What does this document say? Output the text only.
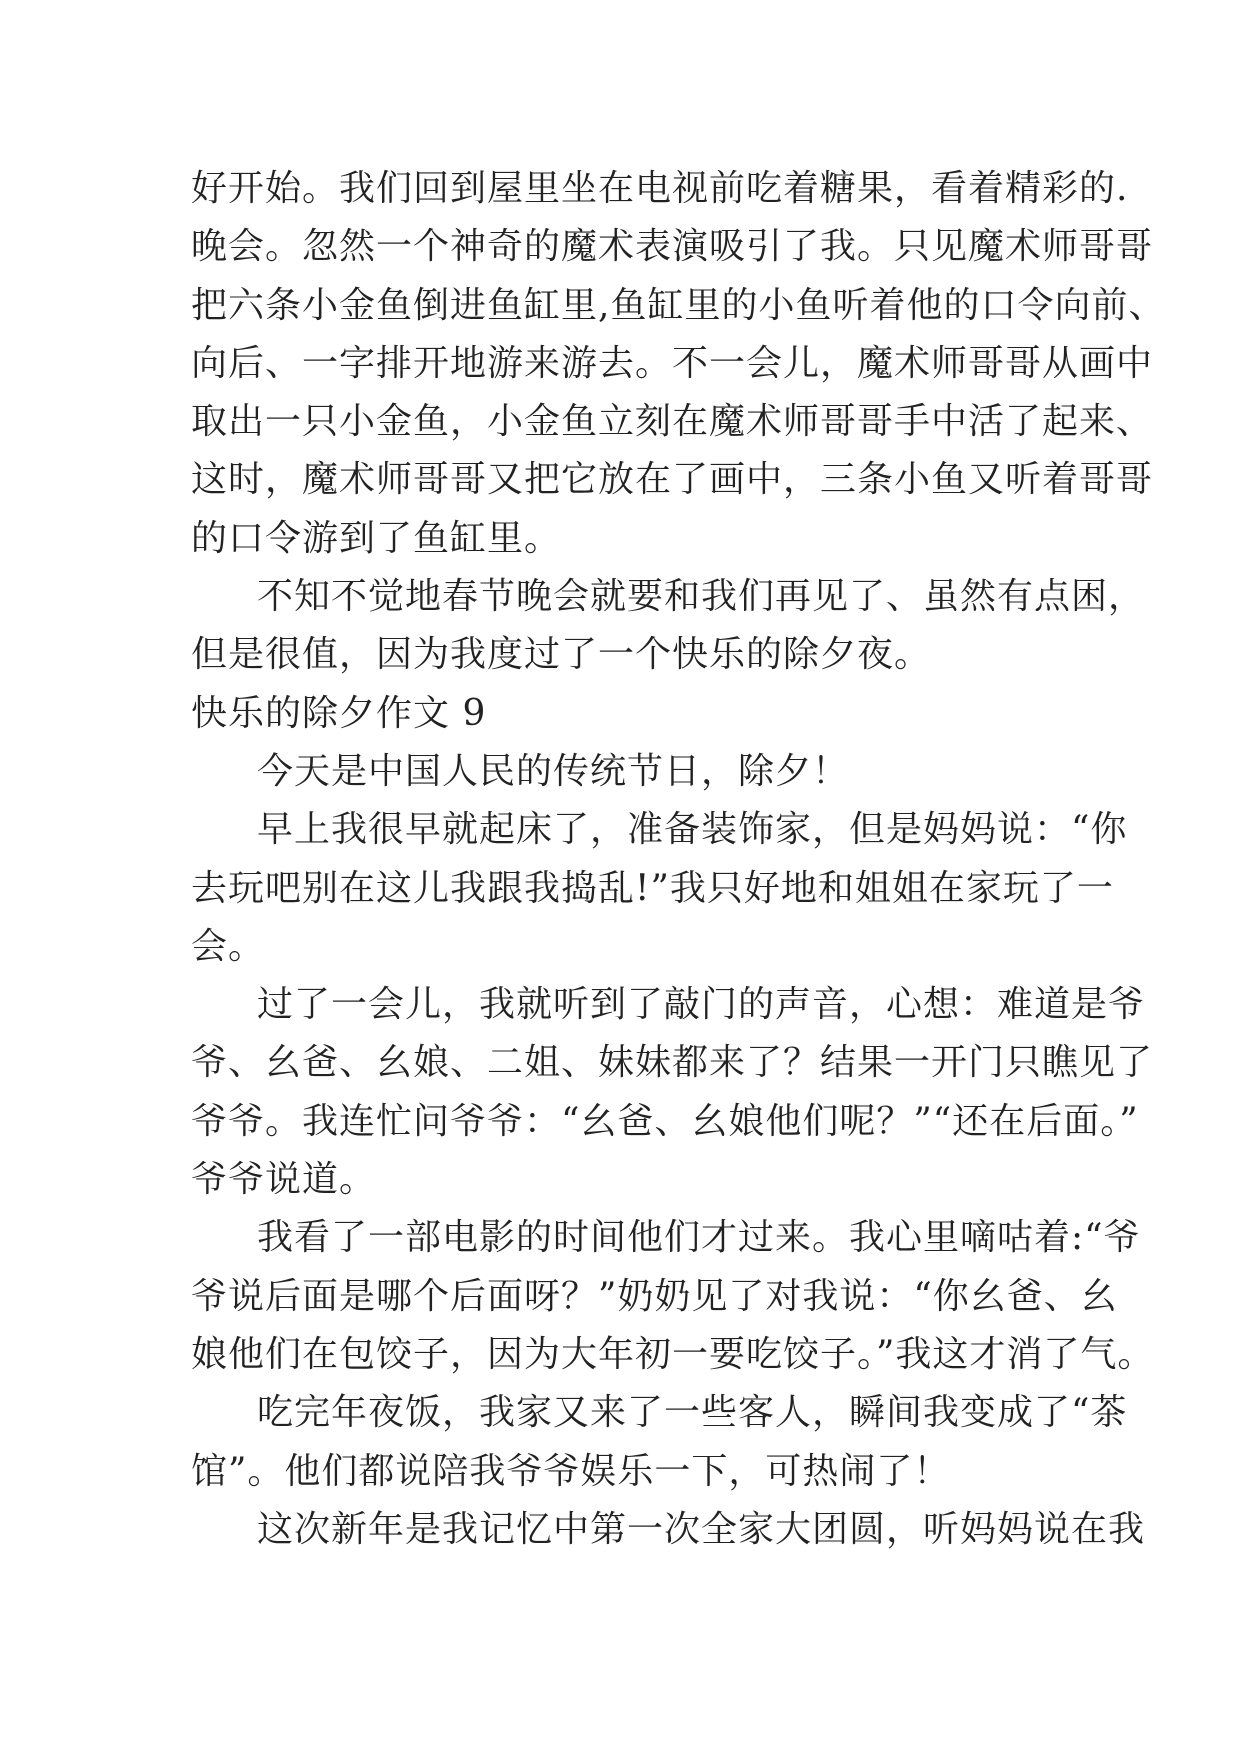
好开始。我们回到屋里坐在电视前吃着糖果，看着精彩的.
晚会。忽然一个神奇的魔术表演吸引了我。只见魔术师哥哥
把六条小金鱼倒进鱼缸里,鱼缸里的小鱼听着他的口令向前、
向后、一字排开地游来游去。不一会儿，魔术师哥哥从画中
取出一只小金鱼，小金鱼立刻在魔术师哥哥手中活了起来、
这时，魔术师哥哥又把它放在了画中，三条小鱼又听着哥哥
的口令游到了鱼缸里。
不知不觉地春节晚会就要和我们再见了、虽然有点困，
但是很值，因为我度过了一个快乐的除夕夜。
快乐的除夕作文 9
今天是中国人民的传统节日，除夕！
早上我很早就起床了，准备装饰家，但是妈妈说：“你
去玩吧别在这儿我跟我捣乱!”我只好地和姐姐在家玩了一
会。
过了一会儿，我就听到了敲门的声音，心想：难道是爷
爷、幺爸、幺娘、二姐、妹妹都来了？结果一开门只瞧见了
爷爷。我连忙问爷爷：“幺爸、幺娘他们呢？”“还在后面。”
爷爷说道。
我看了一部电影的时间他们才过来。我心里嘀咕着:“爷
爷说后面是哪个后面呀？”奶奶见了对我说：“你幺爸、幺
娘他们在包饺子，因为大年初一要吃饺子。”我这才消了气。
吃完年夜饭，我家又来了一些客人，瞬间我变成了“茶
馆”。他们都说陪我爷爷娱乐一下，可热闹了！
这次新年是我记忆中第一次全家大团圆，听妈妈说在我
